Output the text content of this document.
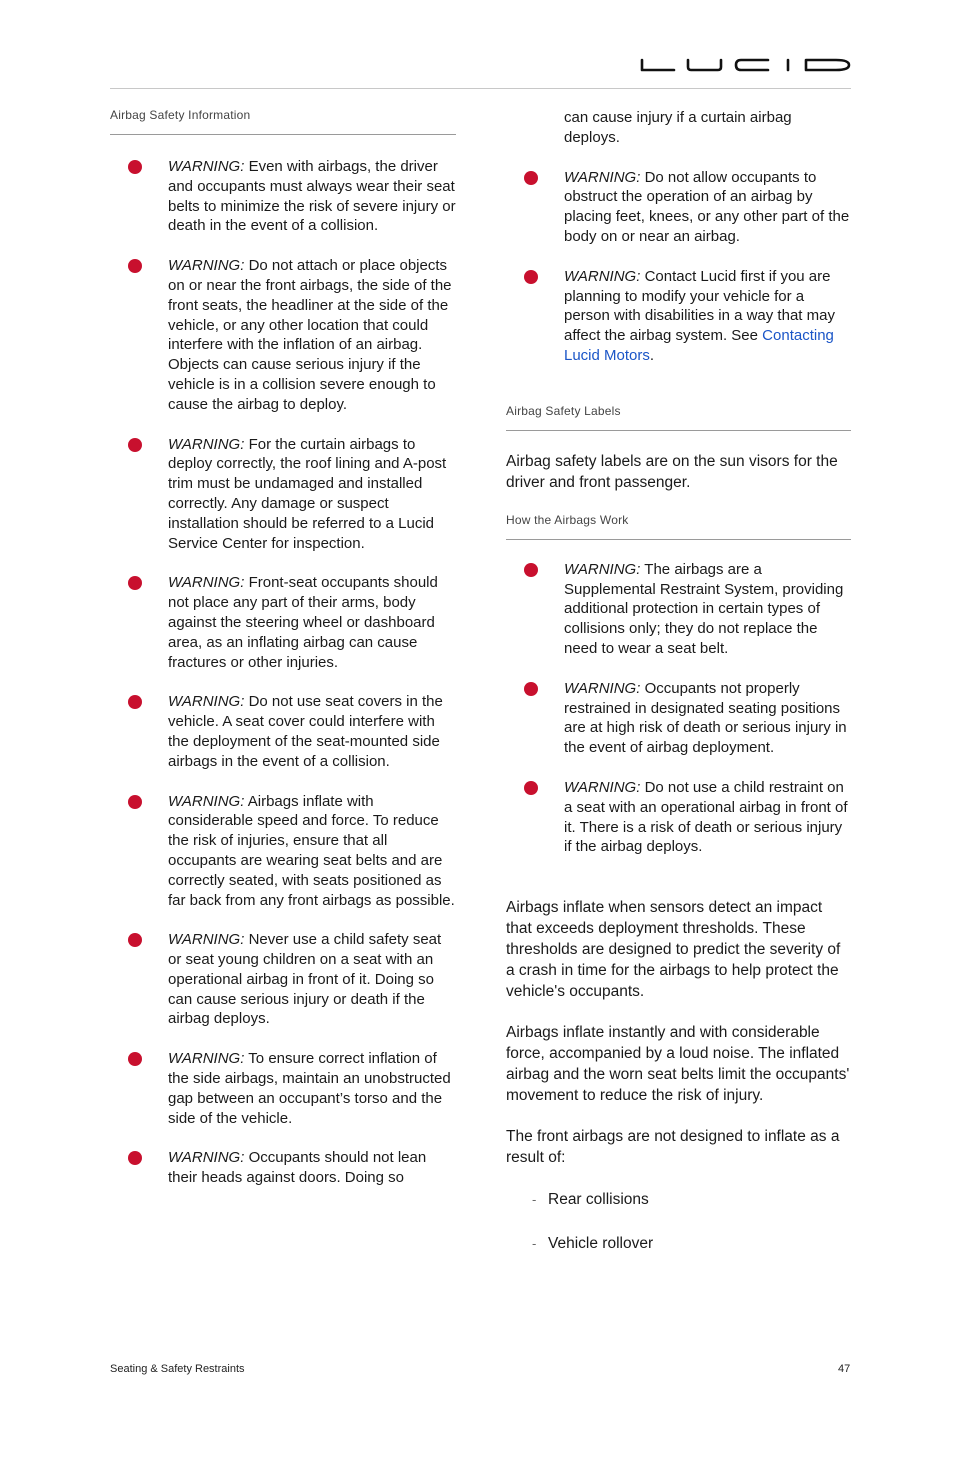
Airbag Safety Information
WARNING: Even with airbags, the driver and occupants must always wear their seat belts to minimize the risk of severe injury or death in the event of a collision.
WARNING: Do not attach or place objects on or near the front airbags, the side of the front seats, the headliner at the side of the vehicle, or any other location that could interfere with the inflation of an airbag. Objects can cause serious injury if the vehicle is in a collision severe enough to cause the airbag to deploy.
WARNING: For the curtain airbags to deploy correctly, the roof lining and A-post trim must be undamaged and installed correctly. Any damage or suspect installation should be referred to a Lucid Service Center for inspection.
WARNING: Front-seat occupants should not place any part of their arms, body against the steering wheel or dashboard area, as an inflating airbag can cause fractures or other injuries.
WARNING: Do not use seat covers in the vehicle. A seat cover could interfere with the deployment of the seat-mounted side airbags in the event of a collision.
WARNING: Airbags inflate with considerable speed and force. To reduce the risk of injuries, ensure that all occupants are wearing seat belts and are correctly seated, with seats positioned as far back from any front airbags as possible.
WARNING: Never use a child safety seat or seat young children on a seat with an operational airbag in front of it. Doing so can cause serious injury or death if the airbag deploys.
WARNING: To ensure correct inflation of the side airbags, maintain an unobstructed gap between an occupant’s torso and the side of the vehicle.
WARNING: Occupants should not lean their heads against doors. Doing so
can cause injury if a curtain airbag deploys.
WARNING: Do not allow occupants to obstruct the operation of an airbag by placing feet, knees, or any other part of the body on or near an airbag.
WARNING: Contact Lucid first if you are planning to modify your vehicle for a person with disabilities in a way that may affect the airbag system. See Contacting Lucid Motors.
Airbag Safety Labels
Airbag safety labels are on the sun visors for the driver and front passenger.
How the Airbags Work
WARNING: The airbags are a Supplemental Restraint System, providing additional protection in certain types of collisions only; they do not replace the need to wear a seat belt.
WARNING: Occupants not properly restrained in designated seating positions are at high risk of death or serious injury in the event of airbag deployment.
WARNING: Do not use a child restraint on a seat with an operational airbag in front of it. There is a risk of death or serious injury if the airbag deploys.
Airbags inflate when sensors detect an impact that exceeds deployment thresholds. These thresholds are designed to predict the severity of a crash in time for the airbags to help protect the vehicle's occupants.
Airbags inflate instantly and with considerable force, accompanied by a loud noise. The inflated airbag and the worn seat belts limit the occupants' movement to reduce the risk of injury.
The front airbags are not designed to inflate as a result of:
- Rear collisions
- Vehicle rollover
Seating & Safety Restraints	47
